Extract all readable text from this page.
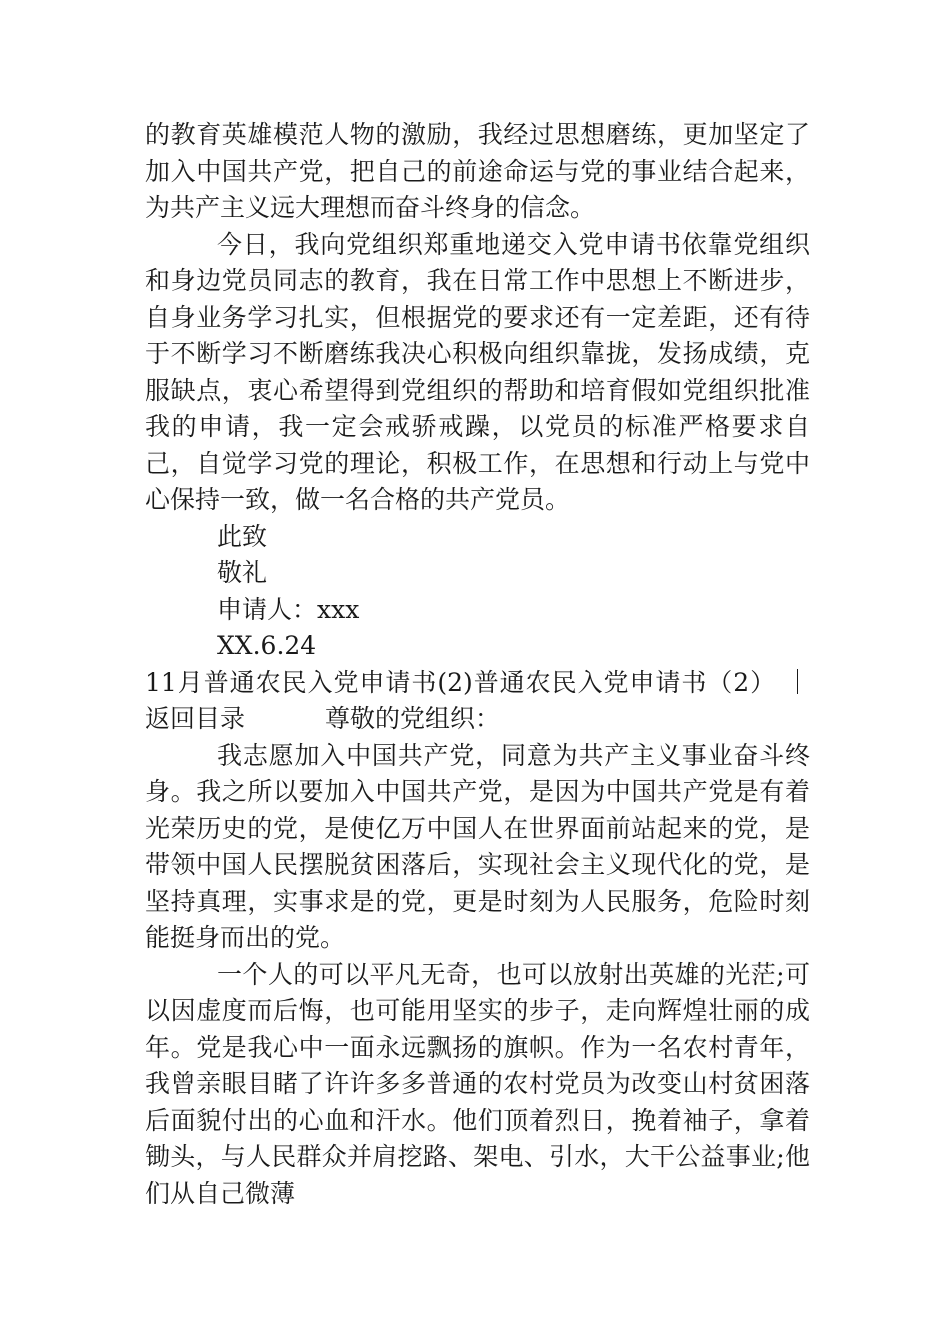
的教育英雄模范人物的激励，我经过思想磨练，更加坚定了加入中国共产党，把自己的前途命运与党的事业结合起来，为共产主义远大理想而奋斗终身的信念。

今日，我向党组织郑重地递交入党申请书依靠党组织和身边党员同志的教育，我在日常工作中思想上不断进步，自身业务学习扎实，但根据党的要求还有一定差距，还有待于不断学习不断磨练我决心积极向组织靠拢，发扬成绩，克服缺点，衷心希望得到党组织的帮助和培育假如党组织批准我的申请，我一定会戒骄戒躁，以党员的标准严格要求自己，自觉学习党的理论，积极工作，在思想和行动上与党中心保持一致，做一名合格的共产党员。

此致

敬礼

申请人：xxx

XX.6.24

11月普通农民入党申请书(2)普通农民入党申请书（2） ｜ 返回目录	尊敬的党组织：

我志愿加入中国共产党，同意为共产主义事业奋斗终身。我之所以要加入中国共产党，是因为中国共产党是有着光荣历史的党，是使亿万中国人在世界面前站起来的党，是带领中国人民摆脱贫困落后，实现社会主义现代化的党，是坚持真理，实事求是的党，更是时刻为人民服务，危险时刻能挺身而出的党。

一个人的可以平凡无奇，也可以放射出英雄的光茫;可以因虚度而后悔，也可能用坚实的步子，走向辉煌壮丽的成年。党是我心中一面永远飘扬的旗帜。作为一名农村青年，我曾亲眼目睹了许许多多普通的农村党员为改变山村贫困落后面貌付出的心血和汗水。他们顶着烈日，挽着袖子，拿着锄头，与人民群众并肩挖路、架电、引水，大干公益事业;他们从自己微薄
